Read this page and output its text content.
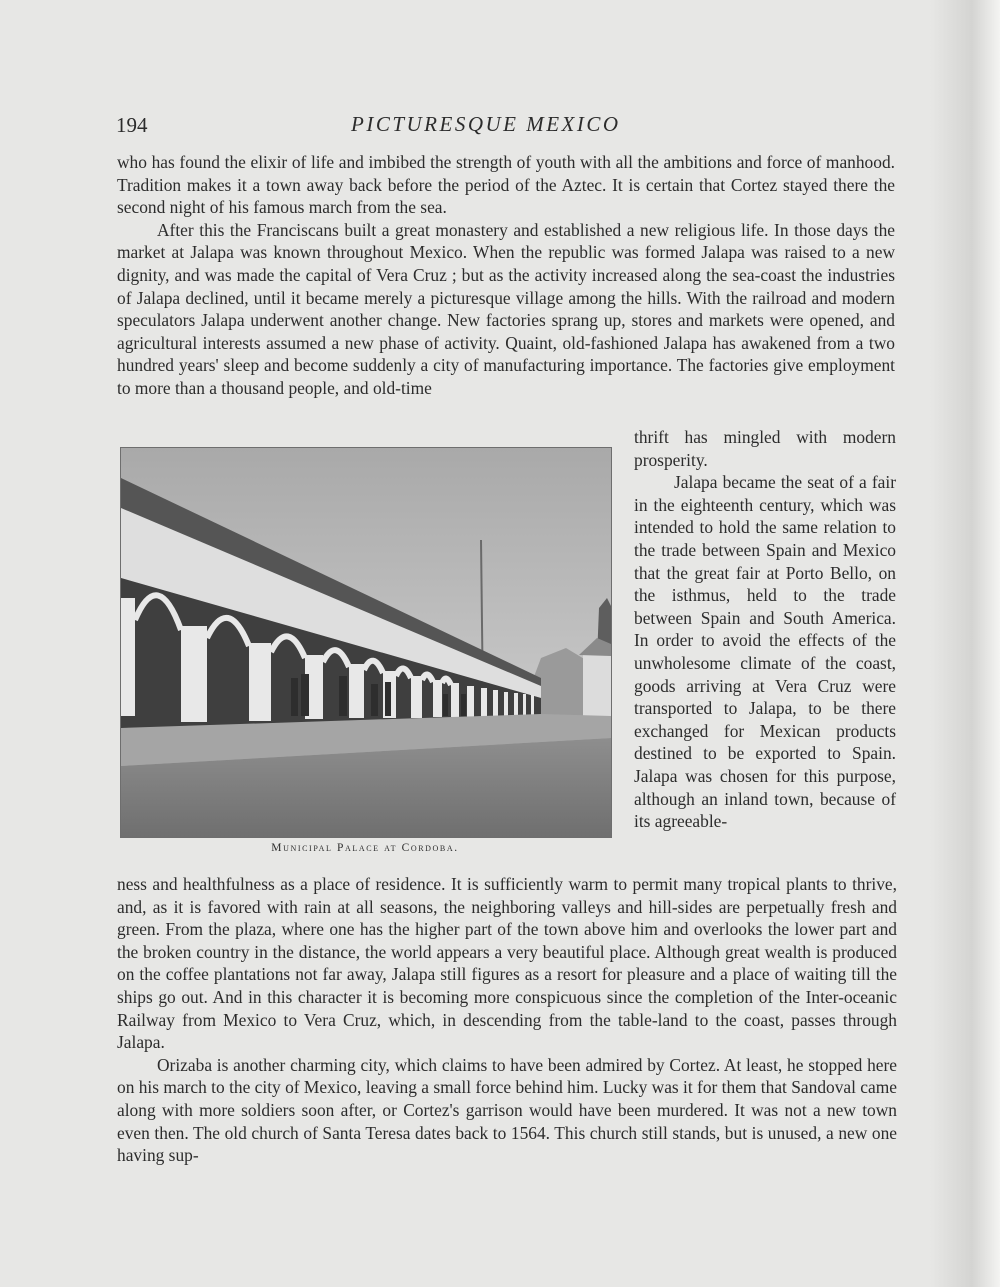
194	PICTURESQUE MEXICO

who has found the elixir of life and imbibed the strength of youth with all the ambitions and force of manhood. Tradition makes it a town away back before the period of the Aztec. It is certain that Cortez stayed there the second night of his famous march from the sea.

After this the Franciscans built a great monastery and established a new religious life. In those days the market at Jalapa was known throughout Mexico. When the republic was formed Jalapa was raised to a new dignity, and was made the capital of Vera Cruz ; but as the activity increased along the sea-coast the industries of Jalapa declined, until it became merely a picturesque village among the hills. With the railroad and modern speculators Jalapa underwent another change. New factories sprang up, stores and markets were opened, and agricultural interests assumed a new phase of activity. Quaint, old-fashioned Jalapa has awakened from a two hundred years' sleep and become suddenly a city of manufacturing importance. The factories give employment to more than a thousand people, and old-time

thrift has mingled with modern prosperity.

Jalapa became the seat of a fair in the eighteenth century, which was intended to hold the same relation to the trade between Spain and Mexico that the great fair at Porto Bello, on the isthmus, held to the trade between Spain and South America. In order to avoid the effects of the unwholesome climate of the coast, goods arriving at Vera Cruz were transported to Jalapa, to be there exchanged for Mexican products destined to be exported to Spain. Jalapa was chosen for this purpose, although an inland town, because of its agreeable-

Municipal Palace at Cordoba.

ness and healthfulness as a place of residence. It is sufficiently warm to permit many tropical plants to thrive, and, as it is favored with rain at all seasons, the neighboring valleys and hill-sides are perpetually fresh and green. From the plaza, where one has the higher part of the town above him and overlooks the lower part and the broken country in the distance, the world appears a very beautiful place. Although great wealth is produced on the coffee plantations not far away, Jalapa still figures as a resort for pleasure and a place of waiting till the ships go out. And in this character it is becoming more conspicuous since the completion of the Inter-oceanic Railway from Mexico to Vera Cruz, which, in descending from the table-land to the coast, passes through Jalapa.

Orizaba is another charming city, which claims to have been admired by Cortez. At least, he stopped here on his march to the city of Mexico, leaving a small force behind him. Lucky was it for them that Sandoval came along with more soldiers soon after, or Cortez's garrison would have been murdered. It was not a new town even then. The old church of Santa Teresa dates back to 1564. This church still stands, but is unused, a new one having sup-
